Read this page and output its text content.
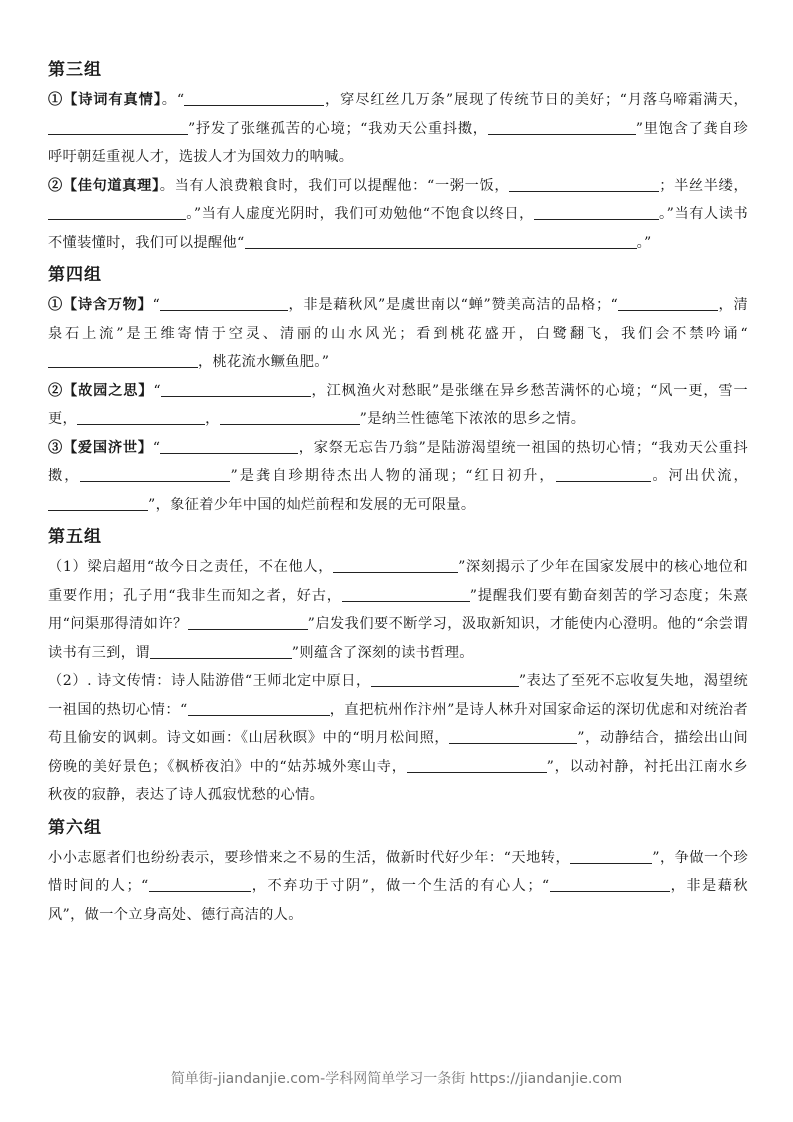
第三组

①【诗词有真情】。“	，穿尽红丝几万条”展现了传统节日的美好；“月落乌啼霜满天，”抒发了张继孤苦的心境；“我劝天公重抖擞，	”里饱含了龚自珍呼吁朝廷重视人才，选拔人才为国效力的呐喊。

②【佳句道真理】。当有人浪费粮食时，我们可以提醒他：“一粥一饭，	；半丝半缕，。”当有人虚度光阴时，我们可劝勉他“不饱食以终日，	。”当有人读书不懂装懂时，我们可以提醒他“	。”

第四组

①【诗含万物】“	，非是藉秋风”是虞世南以“蝉”赞美高洁的品格；“	，清泉石上流”是王维寄情于空灵、清丽的山水风光；看到桃花盛开，白鹭翻飞，我们会不禁吟诵“，桃花流水鳜鱼肥。”

②【故园之思】“	，江枫渔火对愁眠”是张继在异乡愁苦满怀的心境；“风一更，雪一更，	，	”是纳兰性德笔下浓浓的思乡之情。

③【爱国济世】“	，家祭无忘告乃翁”是陆游渴望统一祖国的热切心情；“我劝天公重抖擞，	”是龚自珍期待杰出人物的涌现；“红日初升，	。河出伏流，”，象征着少年中国的灿烂前程和发展的无可限量。

第五组

（1）梁启超用“故今日之责任，不在他人，	”深刻揭示了少年在国家发展中的核心地位和重要作用；孔子用“我非生而知之者，好古，	”提醒我们要有勤奋刻苦的学习态度；朱熹用“问渠那得清如许？	”启发我们要不断学习，汲取新知识，才能使内心澄明。他的“余尝谓读书有三到，谓	”则蕴含了深刻的读书哲理。

（2）. 诗文传情：诗人陆游借“王师北定中原日，	”表达了至死不忘收复失地，渴望统一祖国的热切心情：“	，直把杭州作汴州”是诗人林升对国家命运的深切优虑和对统治者苟且偷安的讽刺。诗文如画：《山居秋暝》中的“明月松间照，	”，动静结合，描绘出山间傍晚的美好景色；《枫桥夜泊》中的“姑苏城外寒山寺，	”，以动衬静，衬托出江南水乡秋夜的寂静，表达了诗人孤寂忧愁的心情。

第六组

小小志愿者们也纷纷表示，要珍惜来之不易的生活，做新时代好少年：“天地转，	”，争做一个珍惜时间的人；“	，不弃功于寸阴”，做一个生活的有心人；“	，非是藉秋风”，做一个立身高处、德行高洁的人。

简单街-jiandanjie.com-学科网简单学习一条街 https://jiandanjie.com
